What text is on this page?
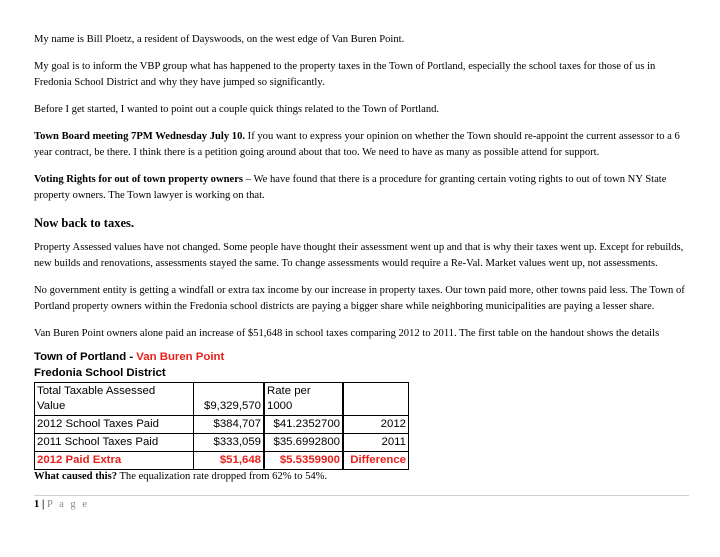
My name is Bill Ploetz, a resident of Dayswoods, on the west edge of Van Buren Point.

My goal is to inform the VBP group what has happened to the property taxes in the Town of Portland, especially the school taxes for those of us in Fredonia School District and why they have jumped so significantly.

Before I get started, I wanted to point out a couple quick things related to the Town of Portland.

Town Board meeting 7PM Wednesday July 10. If you want to express your opinion on whether the Town should re-appoint the current assessor to a 6 year contract, be there. I think there is a petition going around about that too. We need to have as many as possible attend for support.

Voting Rights for out of town property owners – We have found that there is a procedure for granting certain voting rights to out of town NY State property owners. The Town lawyer is working on that.

Now back to taxes.

Property Assessed values have not changed. Some people have thought their assessment went up and that is why their taxes went up. Except for rebuilds, new builds and renovations, assessments stayed the same. To change assessments would require a Re-Val. Market values went up, not assessments.

No government entity is getting a windfall or extra tax income by our increase in property taxes. Our town paid more, other towns paid less. The Town of Portland property owners within the Fredonia school districts are paying a bigger share while neighboring municipalities are paying a lesser share.

Van Buren Point owners alone paid an increase of $51,648 in school taxes comparing 2012 to 2011. The first table on the handout shows the details

Town of Portland - Van Buren Point
Fredonia School District
Total Taxable Assessed
Value	$9,329,570	Rate per
1000	
2012 School Taxes Paid	$384,707	$41.2352700	2012
2011 School Taxes Paid	$333,059	$35.6992800	2011
2012 Paid Extra	$51,648	$5.5359900	Difference

What caused this? The equalization rate dropped from 62% to 54%.

1 | P a g e
